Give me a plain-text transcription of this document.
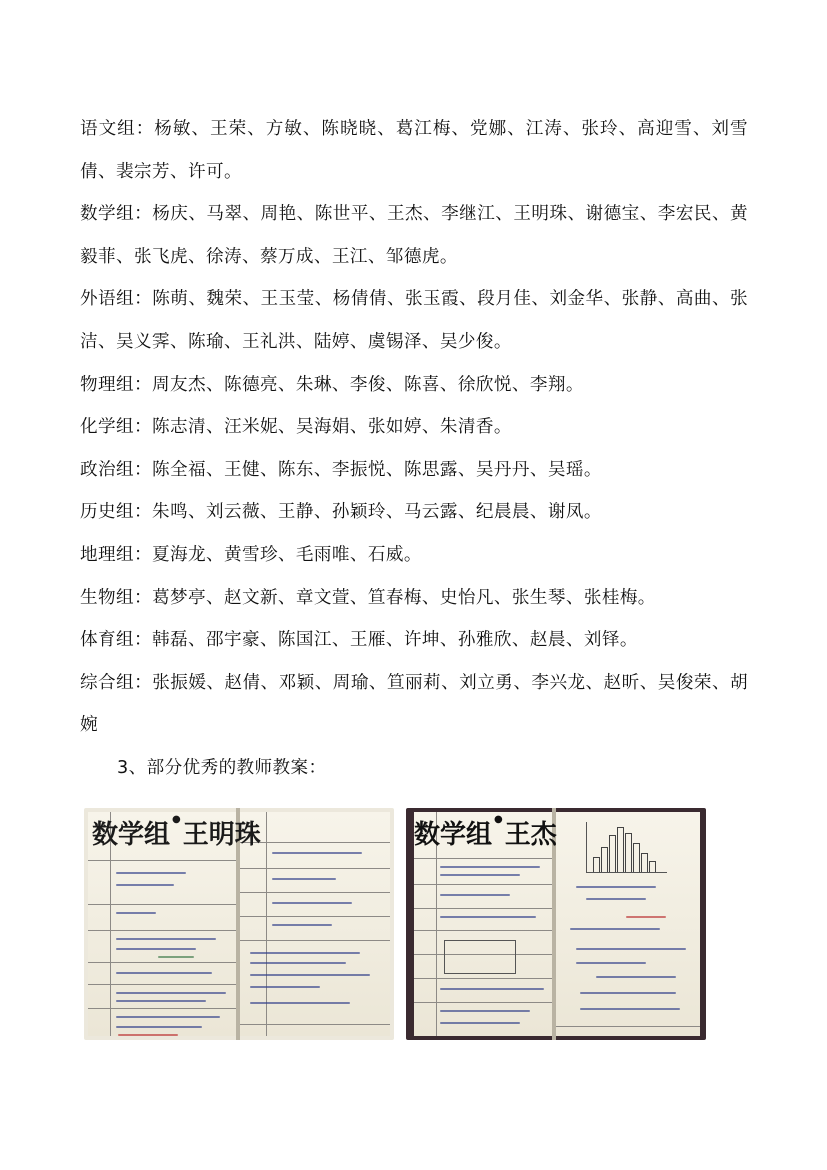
语文组：杨敏、王荣、方敏、陈晓晓、葛江梅、党娜、江涛、张玲、高迎雪、刘雪倩、裴宗芳、许可。

数学组：杨庆、马翠、周艳、陈世平、王杰、李继江、王明珠、谢德宝、李宏民、黄毅菲、张飞虎、徐涛、蔡万成、王江、邹德虎。

外语组：陈萌、魏荣、王玉莹、杨倩倩、张玉霞、段月佳、刘金华、张静、高曲、张洁、吴义霁、陈瑜、王礼洪、陆婷、虞锡泽、吴少俊。

物理组：周友杰、陈德亮、朱琳、李俊、陈喜、徐欣悦、李翔。

化学组：陈志清、汪米妮、吴海娟、张如婷、朱清香。

政治组：陈全福、王健、陈东、李振悦、陈思露、吴丹丹、吴瑶。

历史组：朱鸣、刘云薇、王静、孙颖玲、马云露、纪晨晨、谢凤。

地理组：夏海龙、黄雪珍、毛雨唯、石威。

生物组：葛梦亭、赵文新、章文萱、笪春梅、史怡凡、张生琴、张桂梅。

体育组：韩磊、邵宇豪、陈国江、王雁、许坤、孙雅欣、赵晨、刘铎。

综合组：张振媛、赵倩、邓颖、周瑜、笪丽莉、刘立勇、李兴龙、赵昕、吴俊荣、胡婉

3、部分优秀的教师教案：

数学组●王明珠	数学组●王杰
